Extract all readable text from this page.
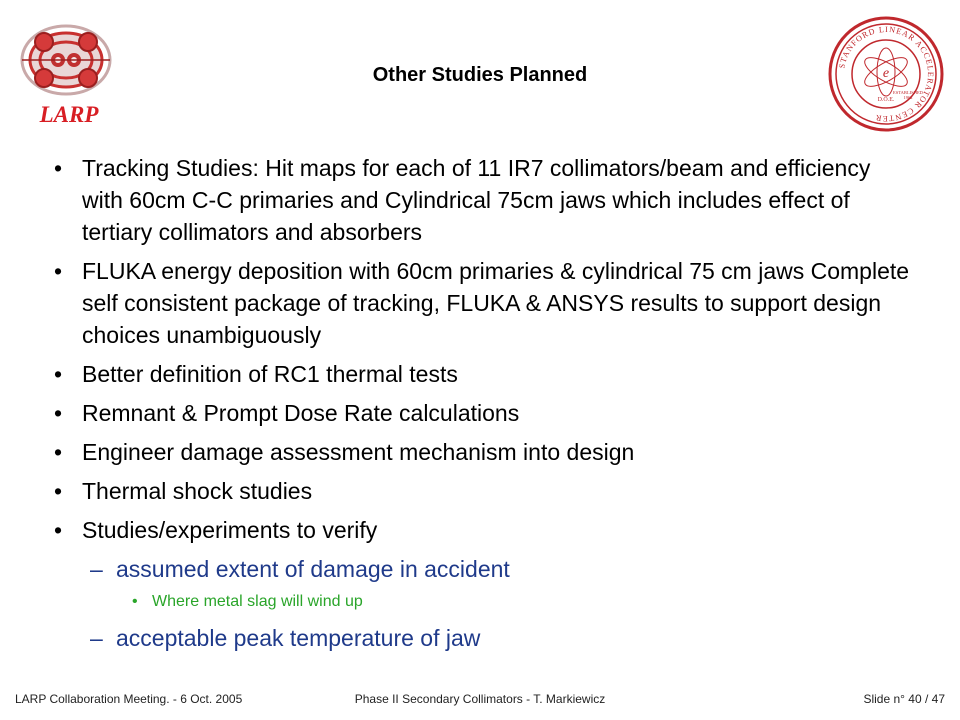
LARP
STANFORD LINEAR ACCELERATOR CENTER
e
D.O.E.
ESTABLISHED
1962
Other Studies Planned
• Tracking Studies: Hit maps for each of 11 IR7 collimators/beam and efficiency with 60cm C-C primaries and Cylindrical 75cm jaws which includes effect of tertiary collimators and absorbers
• FLUKA energy deposition with 60cm primaries & cylindrical 75 cm jaws Complete self consistent package of tracking, FLUKA & ANSYS results to support design choices unambiguously
• Better definition of RC1 thermal tests
• Remnant & Prompt Dose Rate calculations
• Engineer damage assessment mechanism into design
• Thermal shock studies
• Studies/experiments to verify
– assumed extent of damage in accident
• Where metal slag will wind up
– acceptable peak temperature of jaw
LARP Collaboration Meeting. - 6 Oct. 2005	Phase II Secondary Collimators - T. Markiewicz	Slide n° 40 / 47
